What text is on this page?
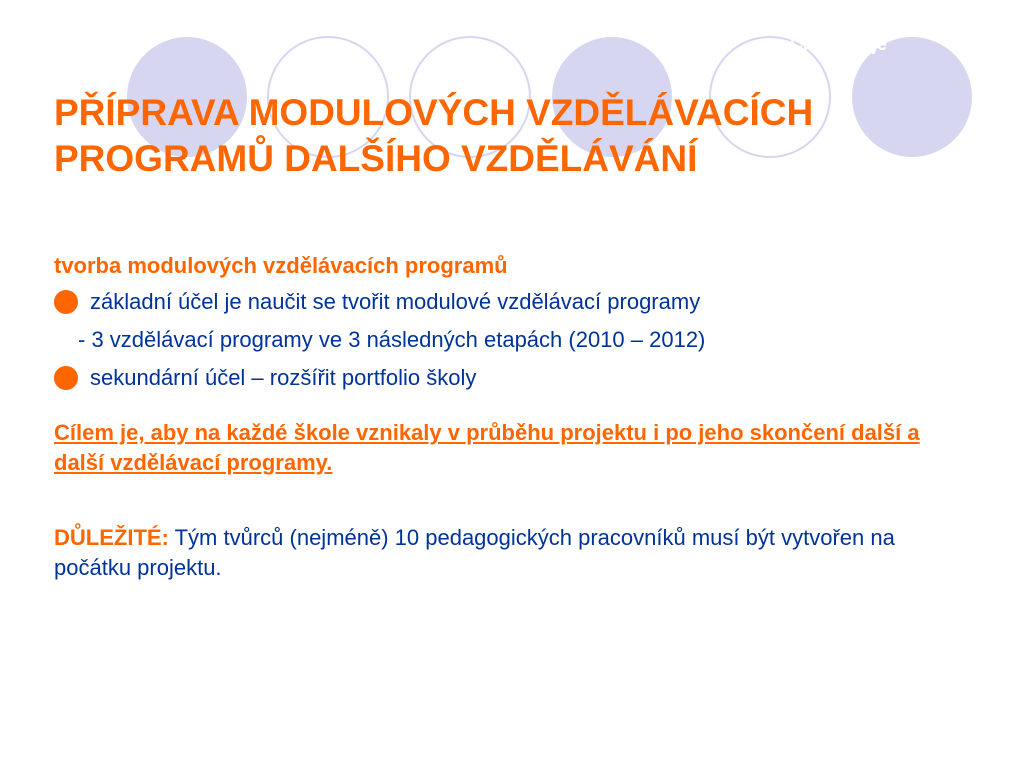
Cíle y proje
PŘÍPRAVA MODULOVÝCH VZDĚLÁVACÍCH PROGRAMŮ DALŠÍHO VZDĚLÁVÁNÍ

tvorba modulových vzdělávacích programů

základní účel je naučit se tvořit modulové vzdělávací programy

- 3 vzdělávací programy ve 3 následných etapách (2010 – 2012)

sekundární účel – rozšířit portfolio školy

Cílem je, aby na každé škole vznikaly v průběhu projektu i po jeho skončení další a další vzdělávací programy.

DŮLEŽITÉ: Tým tvůrců (nejméně) 10 pedagogických pracovníků musí být vytvořen na počátku projektu.
